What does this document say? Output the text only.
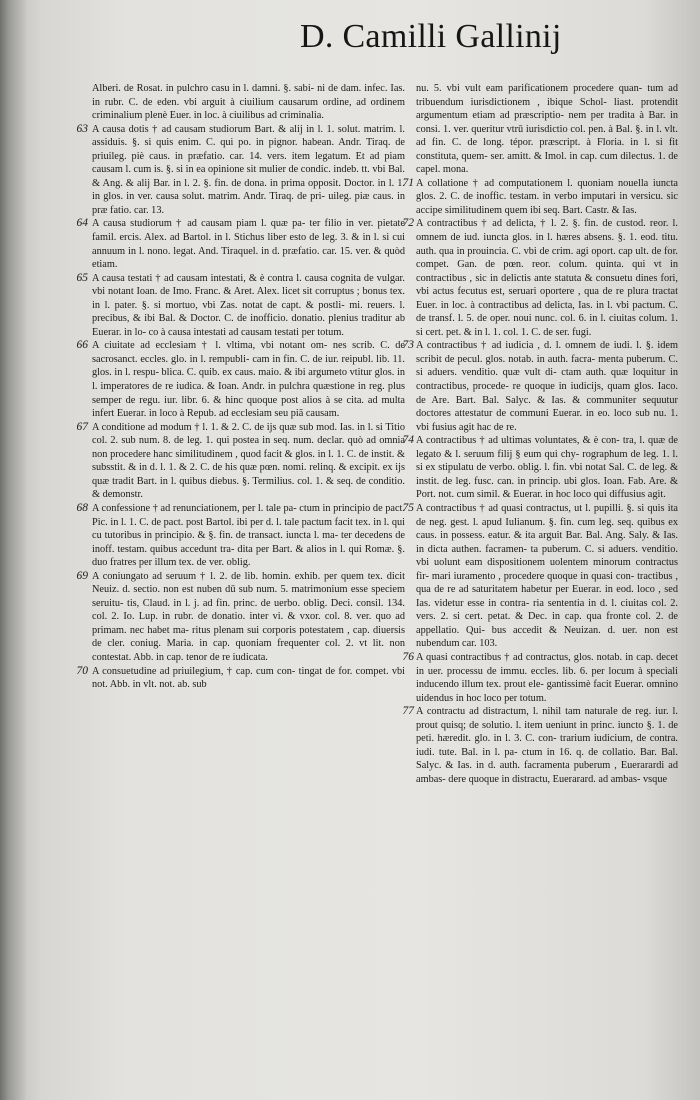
D. Camilli Gallinij
Alberi. de Rosat. in pulchro casu in l. damni. §. sabi- ni de dam. infec. Ias. in rubr. C. de eden. vbi arguit à ciuilium causarum ordine, ad ordinem criminalium plenè Euer. in loc. à ciuilibus ad criminalia.
63 A causa dotis † ad causam studiorum Bart. & alij in l. 1. solut. matrim. l. assiduis. §. si quis enim. C. qui po. in pignor. habean. Andr. Tiraq. de priuileg. piè caus. in præfatio. car. 14. vers. item legatum. Et ad piam causam l. cum is. §. si in ea opinione sit mulier de condic. indeb. tt. vbi Bal. & Ang. & alij Bar. in l. 2. §. fin. de dona. in prima opposit. Doctor. in l. 1. in glos. in ver. causa solut. matrim. Andr. Tiraq. de pri- uileg. piæ caus. in præ fatio. car. 13.
64 A causa studiorum † ad causam piam l. quæ pa- ter filio in ver. pietate famil. ercis. Alex. ad Bartol. in l. Stichus liber esto de leg. 3. & in l. si cui annuum in l. nono. legat. And. Tiraquel. in d. præfatio. car. 15. ver. & quòd etiam.
65 A causa testati † ad causam intestati, & è contra l. causa cognita de vulgar. vbi notant Ioan. de Imo. Franc. & Aret. Alex. licet sit corruptus ; bonus tex. in l. pater. §. si mortuo, vbi Zas. notat de capt. & postli- mi. reuers. l. precibus, & ibi Bal. & Doctor. C. de inofficio. donatio. plenius traditur ab Euerar. in lo- co à causa intestati ad causam testati per totum.
66 A ciuitate ad ecclesiam † l. vltima, vbi notant om- nes scrib. C. de sacrosanct. eccles. glo. in l. rempubli- cam in fin. C. de iur. reipubl. lib. 11. glos. in l. respu- blica. C. quib. ex caus. maio. & ibi argumeto vtitur glos. in l. imperatores de re iudica. & Ioan. Andr. in pulchra quæstione in reg. plus semper de regu. iur. libr. 6. & hinc quoque post alios à se cita. ad multa infert Euerar. in loco à Repub. ad ecclesiam seu piã causam.
67 A conditione ad modum † l. 1. & 2. C. de ijs quæ sub mod. Ias. in l. si Titio col. 2. sub num. 8. de leg. 1. qui postea in seq. num. declar. quò ad omnia non procedere hanc similitudinem , quod facit & glos. in l. 1. C. de instit. & subsstit. & in d. l. 1. & 2. C. de his quæ pœn. nomi. relinq. & excipit. ex ijs quæ tradit Bart. in l. quibus diebus. §. Termilius. col. 1. & seq. de conditio. & demonstr.
68 A confessione † ad renunciationem, per l. tale pa- ctum in principio de pact. Pic. in l. 1. C. de pact. post Bartol. ibi per d. l. tale pactum facit tex. in l. qui cu tutoribus in principio. & §. fin. de transact. iuncta l. ma- ter decedens de inoff. testam. quibus accedunt tra- dita per Bart. & alios in l. qui Romæ. §. duo fratres per illum tex. de ver. oblig.
69 A coniungato ad seruum † l. 2. de lib. homin. exhib. per quem tex. dicit Neuiz. d. sectio. non est nuben dū sub num. 5. matrimonium esse speciem seruitu- tis, Claud. in l. j. ad fin. princ. de uerbo. oblig. Deci. consil. 134. col. 2. Io. Lup. in rubr. de donatio. inter vi. & vxor. col. 8. ver. quo ad primam. nec habet ma- ritus plenam sui corporis potestatem , cap. diuersis de cler. coniug. Maria. in cap. quoniam frequenter col. 2. vt lit. non contestat. Abb. in cap. tenor de re iudicata.
70 A consuetudine ad priuilegium, † cap. cum con- tingat de for. compet. vbi not. Abb. in vlt. not. ab. sub
nu. 5. vbi vult eam parificationem procedere quan- tum ad tribuendum iurisdictionem , ibique Schol- liast. protendit argumentum etiam ad præscriptio- nem per tradita à Bar. in consi. 1. ver. queritur vtrū iurisdictio col. pen. à Bal. §. in l. vlt. ad fin. C. de long. tépor. præscript. à Floria. in l. si fit constituta, quem- ser. amitt. & Imol. in cap. cum dilectus. 1. de capel. mona.
71 A collatione † ad computationem l. quoniam nouella iuncta glos. 2. C. de inoffic. testam. in verbo imputari in versicu. sic accipe similitudinem quem ibi seq. Bart. Castr. & Ias.
72 A contractibus † ad delicta, † l. 2. §. fin. de custod. reor. l. omnem de iud. iuncta glos. in l. hæres absens. §. 1. eod. titu. auth. qua in prouincia. C. vbi de crim. agi oport. cap ult. de for. compet. Gan. de pœn. reor. colum. quinta. qui vt in contractibus , sic in delictis ante statuta & consuetu dines fori, vbi actus fecutus est, seruari oportere , qua de re plura tractat Euer. in loc. à contractibus ad delicta, Ias. in l. vbi pactum. C. de transf. l. 5. de oper. noui nunc. col. 6. in l. ciuitas colum. 1. si cert. pet. & in l. 1. col. 1. C. de ser. fugi.
73 A contractibus † ad iudicia , d. l. omnem de iudi. l. §. idem scribit de pecul. glos. notab. in auth. facra- menta puberum. C. si aduers. venditio. quæ vult di- ctam auth. quæ loquitur in contractibus, procede- re quoque in iudicijs, quam glos. Iaco. de Are. Bart. Bal. Salyc. & Ias. & communiter sequutur doctores attestatur de communi Euerar. in eo. loco sub nu. 1. vbi fusius agit hac de re.
74 A contractibus † ad ultimas voluntates, & è con- tra, l. quæ de legato & l. seruum filij § eum qui chy- rographum de leg. 1. l. si ex stipulatu de verbo. oblig. l. fin. vbi notat Sal. C. de leg. & instit. de leg. fusc. can. in princip. ubi glos. Ioan. Fab. Are. & Port. not. cum simil. & Euerar. in hoc loco qui diffusius agit.
75 A contractibus † ad quasi contractus, ut l. pupilli. §. si quis ita de neg. gest. l. apud Iulianum. §. fin. cum leg. seq. quibus ex caus. in possess. eatur. & ita arguit Bar. Bal. Ang. Saly. & Ias. in dicta authen. facramen- ta puberum. C. si aduers. venditio. vbi uolunt eam dispositionem uolentem minorum contractus fir- mari iuramento , procedere quoque in quasi con- tractibus , qua de re ad saturitatem habetur per Euerar. in eod. loco , sed Ias. videtur esse in contra- ria sententia in d. l. ciuitas col. 2. vers. 2. si cert. petat. & Dec. in cap. qua fronte col. 2. de appellatio. Qui- bus accedit & Neuizan. d. uer. non est nubendum car. 103.
76 A quasi contractibus † ad contractus, glos. notab. in cap. decet in uer. processu de immu. eccles. lib. 6. per locum à speciali inducendo illum tex. prout ele- gantissimè facit Euerar. omnino uidendus in hoc loco per totum.
77 A contractu ad distractum, l. nihil tam naturale de reg. iur. l. prout quisq; de solutio. l. item ueniunt in princ. iuncto §. 1. de peti. hæredit. glo. in l. 3. C. con- trarium iudicium, de contra. iudi. tute. Bal. in l. pa- ctum in 16. q. de collatio. Bar. Bal. Salyc. & Ias. in d. auth. facramenta puberum , Euerarardi ad ambas- dere quoque in distractu, Euerarard. ad ambas- vsque
